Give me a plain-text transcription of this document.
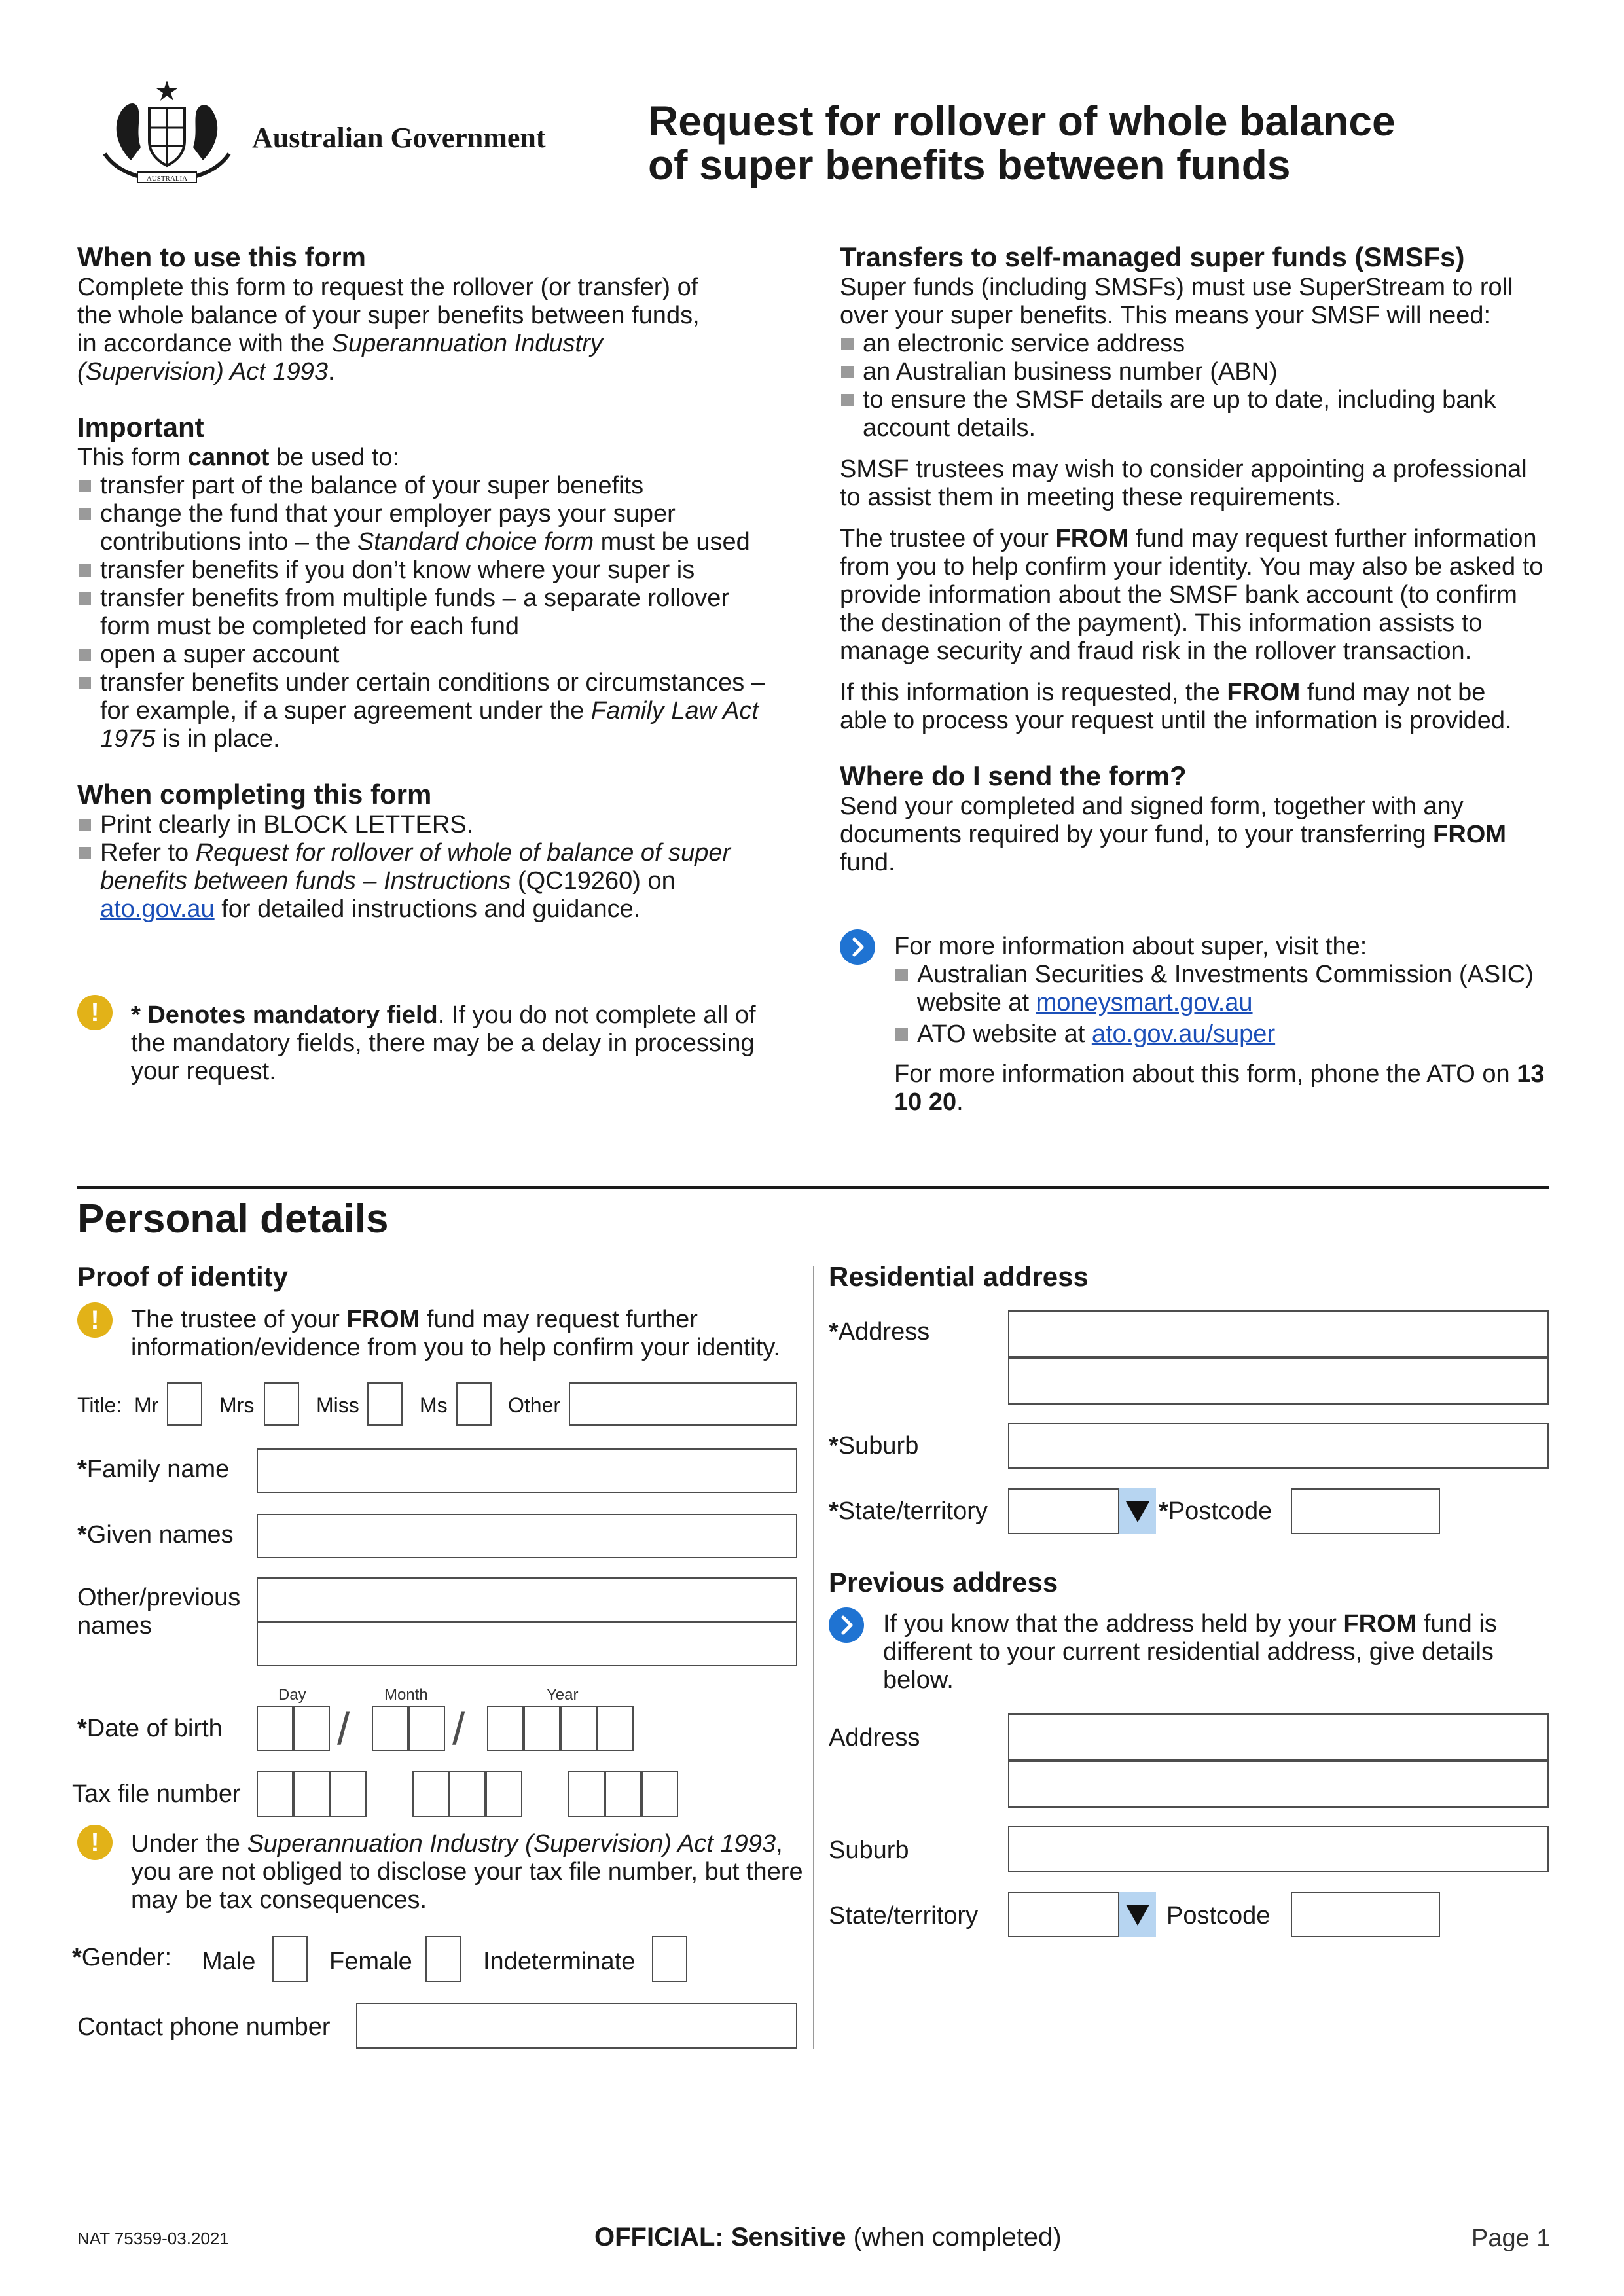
AUSTRALIA
Australian Government Request for rollover of whole balance
of super benefits between funds
When to use this form

Complete this form to request the rollover (or transfer) of the whole balance of your super benefits between funds, in accordance with the Superannuation Industry (Supervision) Act 1993.

Important

This form cannot be used to:

transfer part of the balance of your super benefits
change the fund that your employer pays your super contributions into – the Standard choice form must be used
transfer benefits if you don’t know where your super is
transfer benefits from multiple funds – a separate rollover form must be completed for each fund
open a super account
transfer benefits under certain conditions or circumstances – for example, if a super agreement under the Family Law Act 1975 is in place.
When completing this form
Print clearly in BLOCK LETTERS.
Refer to Request for rollover of whole of balance of super benefits between funds – Instructions (QC19260) on ato.gov.au for detailed instructions and guidance.
!	* Denotes mandatory field. If you do not complete all of the mandatory fields, there may be a delay in processing your request.

Transfers to self-managed super funds (SMSFs)

Super funds (including SMSFs) must use SuperStream to roll over your super benefits. This means your SMSF will need:

an electronic service address
an Australian business number (ABN)
to ensure the SMSF details are up to date, including bank account details.

SMSF trustees may wish to consider appointing a professional to assist them in meeting these requirements.

The trustee of your FROM fund may request further information from you to help confirm your identity. You may also be asked to provide information about the SMSF bank account (to confirm the destination of the payment). This information assists to manage security and fraud risk in the rollover transaction.

If this information is requested, the FROM fund may not be able to process your request until the information is provided.

Where do I send the form?

Send your completed and signed form, together with any documents required by your fund, to your transferring FROM fund.

For more information about super, visit the:

Australian Securities & Investments Commission (ASIC) website at moneysmart.gov.au
ATO website at ato.gov.au/super

For more information about this form, phone the ATO on 13 10 20.

Personal details
Proof of identity
!	The trustee of your FROM fund may request further information/evidence from you to help confirm your identity.

Title: Mr	Mrs	Miss	Ms	Other
*Family name
*Given names
Other/previous
names
Day	Month	Year
*Date of birth	/ /
Tax file number
!	Under the Superannuation Industry (Supervision) Act 1993, you are not obliged to disclose your tax file number, but there may be tax consequences.

*Gender: Male	Female	Indeterminate
Contact phone number
Residential address
*Address
*Suburb
*State/territory	*Postcode
Previous address

If you know that the address held by your FROM fund is different to your current residential address, give details below.

Address
Suburb
State/territory	Postcode
NAT 75359-03.2021	OFFICIAL: Sensitive (when completed)	Page 1
